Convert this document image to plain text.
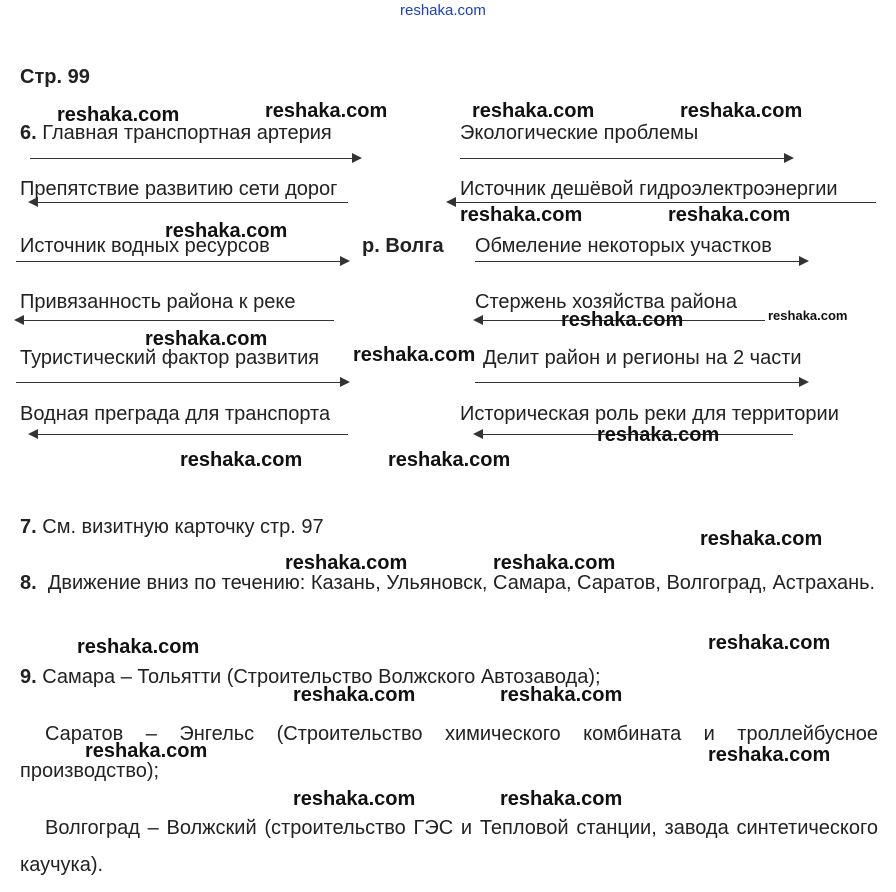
reshaka.com
Стр. 99
6. Главная транспортная артерия
Препятствие развитию сети дорог
Источник водных ресурсов
Привязанность района к реке
Туристический фактор развития
Водная преграда для транспорта
р. Волга
Экологические проблемы
Источник дешёвой гидроэлектроэнергии
Обмеление некоторых участков
Стержень хозяйства района
Делит район и регионы на 2 части
Историческая роль реки для территории
7. См. визитную карточку стр. 97
8. Движение вниз по течению: Казань, Ульяновск, Самара, Саратов, Волгоград, Астрахань.
9. Самара – Тольятти (Строительство Волжского Автозавода);
Саратов – Энгельс (Строительство химического комбината и троллейбусное производство);
Волгоград – Волжский (строительство ГЭС и Тепловой станции, завода синтетического каучука).
reshaka.com	reshaka.com	reshaka.com	reshaka.com
reshaka.com	reshaka.com
reshaka.com
reshaka.com	reshaka.com
reshaka.com
reshaka.com
reshaka.com
reshaka.com	reshaka.com
reshaka.com
reshaka.com	reshaka.com
reshaka.com	reshaka.com
reshaka.com	reshaka.com
reshaka.com	reshaka.com
reshaka.com	reshaka.com
